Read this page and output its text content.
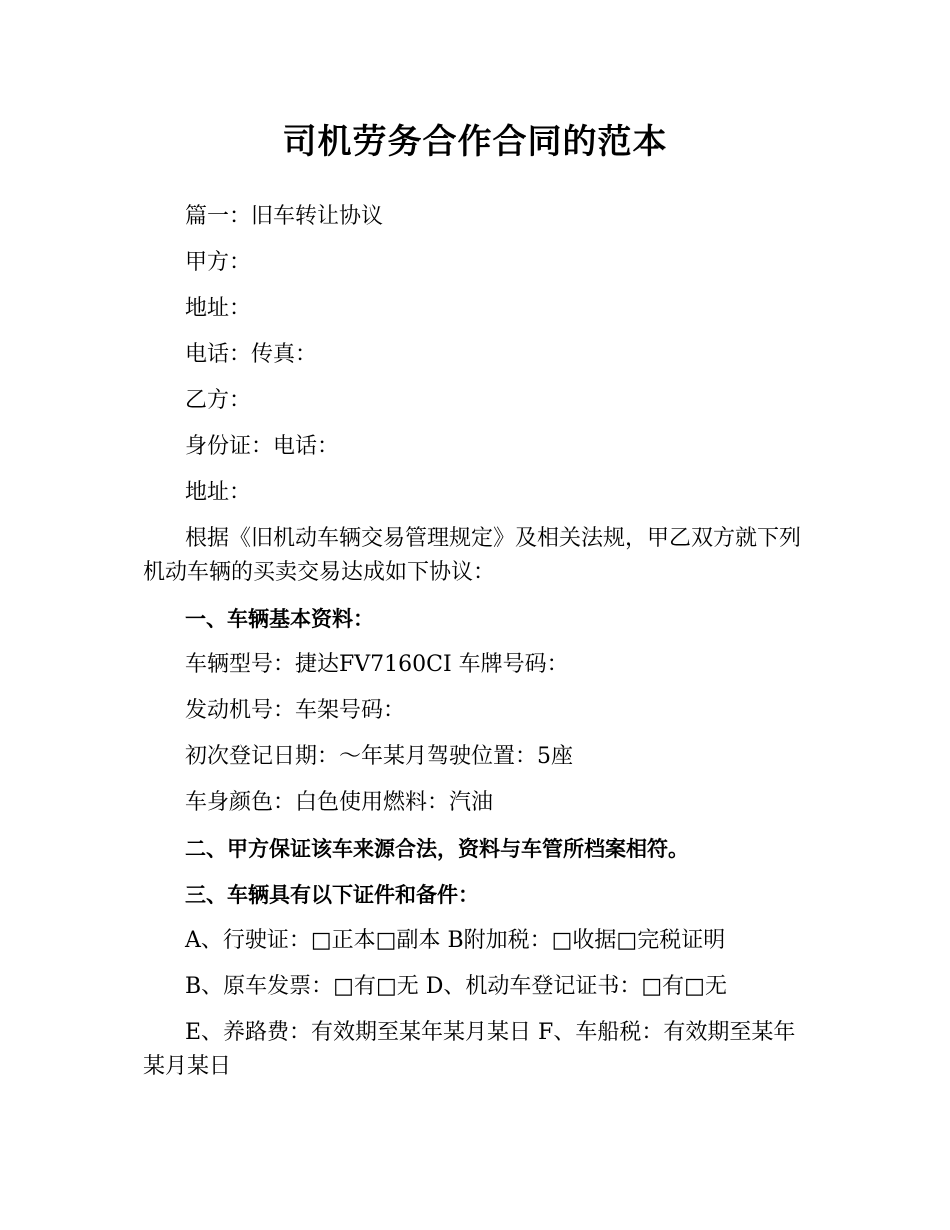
司机劳务合作合同的范本

篇一：旧车转让协议

甲方：

地址：

电话：传真：

乙方：

身份证：电话：

地址：

根据《旧机动车辆交易管理规定》及相关法规，甲乙双方就下列机动车辆的买卖交易达成如下协议：

一、车辆基本资料：

车辆型号：捷达FV7160CI 车牌号码：

发动机号：车架号码：

初次登记日期：～年某月驾驶位置：5座

车身颜色：白色使用燃料：汽油

二、甲方保证该车来源合法，资料与车管所档案相符。

三、车辆具有以下证件和备件：

A、行驶证：□正本□副本 B附加税：□收据□完税证明

B、原车发票：□有□无 D、机动车登记证书：□有□无

E、养路费：有效期至某年某月某日 F、车船税：有效期至某年某月某日
